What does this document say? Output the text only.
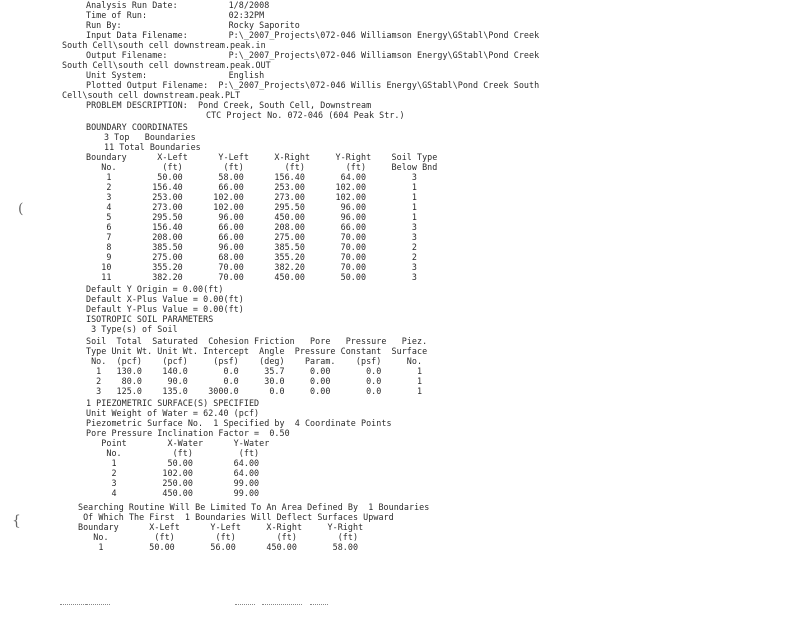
Analysis Run Date:          1/8/2008
Time of Run:                02:32PM
Run By:                     Rocky Saporito
Input Data Filename:        P:\_2007_Projects\072-046 Williamson Energy\GStabl\Pond Creek
South Cell\south cell downstream.peak.in
Output Filename:            P:\_2007_Projects\072-046 Williamson Energy\GStabl\Pond Creek
South Cell\south cell downstream.peak.OUT
Unit System:                English
Plotted Output Filename:  P:\_2007_Projects\072-046 Willis Energy\GStabl\Pond Creek South
Cell\south cell downstream.peak.PLT
PROBLEM DESCRIPTION:  Pond Creek, South Cell, Downstream
CTC Project No. 072-046 (604 Peak Str.)
BOUNDARY COORDINATES
3 Top   Boundaries
11 Total Boundaries
Boundary      X-Left      Y-Left     X-Right     Y-Right    Soil Type
No.         (ft)        (ft)        (ft)        (ft)     Below Bnd
1         50.00       58.00      156.40       64.00         3
2        156.40       66.00      253.00      102.00         1
3        253.00      102.00      273.00      102.00         1
4        273.00      102.00      295.50       96.00         1
5        295.50       96.00      450.00       96.00         1
6        156.40       66.00      208.00       66.00         3
7        208.00       66.00      275.00       70.00         3
8        385.50       96.00      385.50       70.00         2
9        275.00       68.00      355.20       70.00         2
10        355.20       70.00      382.20       70.00         3
11        382.20       70.00      450.00       50.00         3
Default Y Origin = 0.00(ft)
Default X-Plus Value = 0.00(ft)
Default Y-Plus Value = 0.00(ft)
ISOTROPIC SOIL PARAMETERS
3 Type(s) of Soil
Soil  Total  Saturated  Cohesion Friction   Pore   Pressure   Piez.
Type Unit Wt. Unit Wt. Intercept  Angle  Pressure Constant  Surface
No.  (pcf)    (pcf)     (psf)    (deg)    Param.    (psf)     No.
1   130.0    140.0       0.0     35.7     0.00       0.0       1
2    80.0     90.0       0.0     30.0     0.00       0.0       1
3   125.0    135.0    3000.0      0.0     0.00       0.0       1
1 PIEZOMETRIC SURFACE(S) SPECIFIED
Unit Weight of Water = 62.40 (pcf)
Piezometric Surface No.  1 Specified by  4 Coordinate Points
Pore Pressure Inclination Factor =  0.50
Point        X-Water      Y-Water
No.          (ft)         (ft)
1          50.00        64.00
2         102.00        64.00
3         250.00        99.00
4         450.00        99.00
Searching Routine Will Be Limited To An Area Defined By  1 Boundaries
Of Which The First  1 Boundaries Will Deflect Surfaces Upward
Boundary      X-Left      Y-Left     X-Right     Y-Right
No.         (ft)        (ft)        (ft)        (ft)
1         50.00       56.00      450.00       58.00
(
{
